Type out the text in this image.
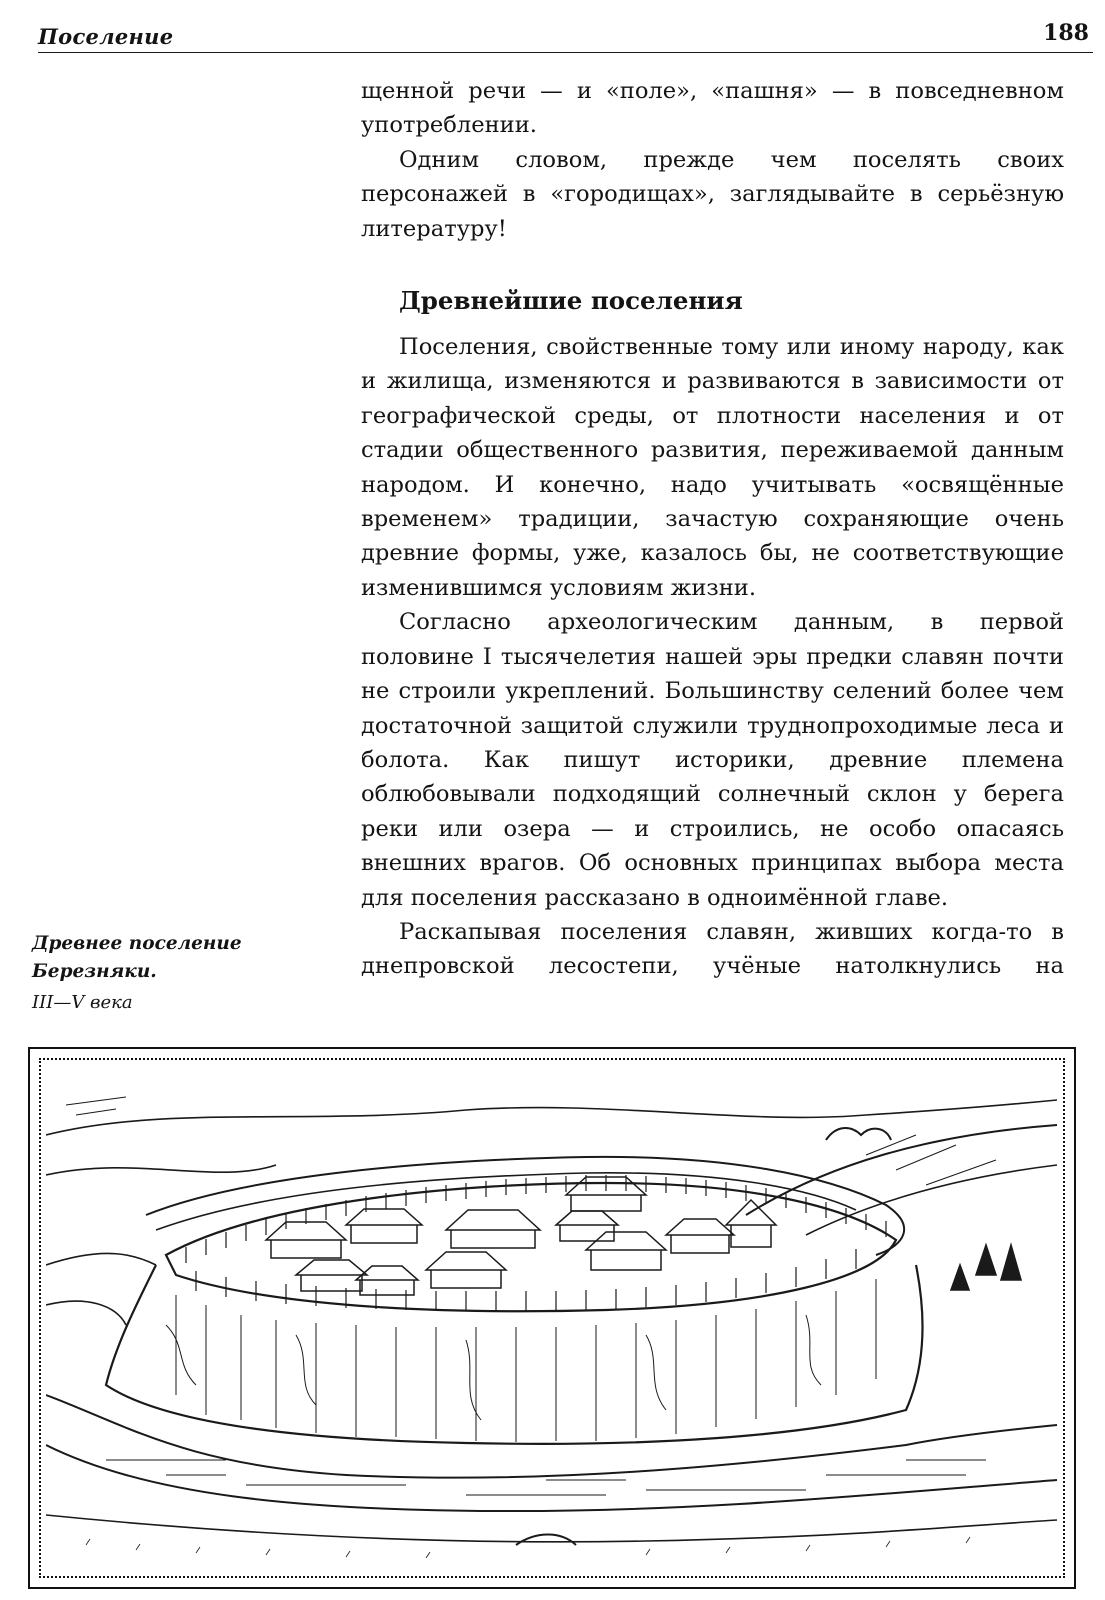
Поселение	188

щенной речи — и «поле», «пашня» — в повседневном употреблении.

Одним словом, прежде чем поселять своих персонажей в «городищах», заглядывайте в серьёзную литературу!

Древнейшие поселения

Поселения, свойственные тому или иному народу, как и жилища, изменяются и развиваются в зависимости от географической среды, от плотности населения и от стадии общественного развития, переживаемой данным народом. И конечно, надо учитывать «освящённые временем» традиции, зачастую сохраняющие очень древние формы, уже, казалось бы, не соответствующие изменившимся условиям жизни.

Согласно археологическим данным, в первой половине I тысячелетия нашей эры предки славян почти не строили укреплений. Большинству селений более чем достаточной защитой служили труднопроходимые леса и болота. Как пишут историки, древние племена облюбовывали подходящий солнечный склон у берега реки или озера — и строились, не особо опасаясь внешних врагов. Об основных принципах выбора места для поселения рассказано в одноимённой главе.

Раскапывая поселения славян, живших когда-то в днепровской лесостепи, учёные натолкнулись на

Древнее поселение Березняки.
III—V века
